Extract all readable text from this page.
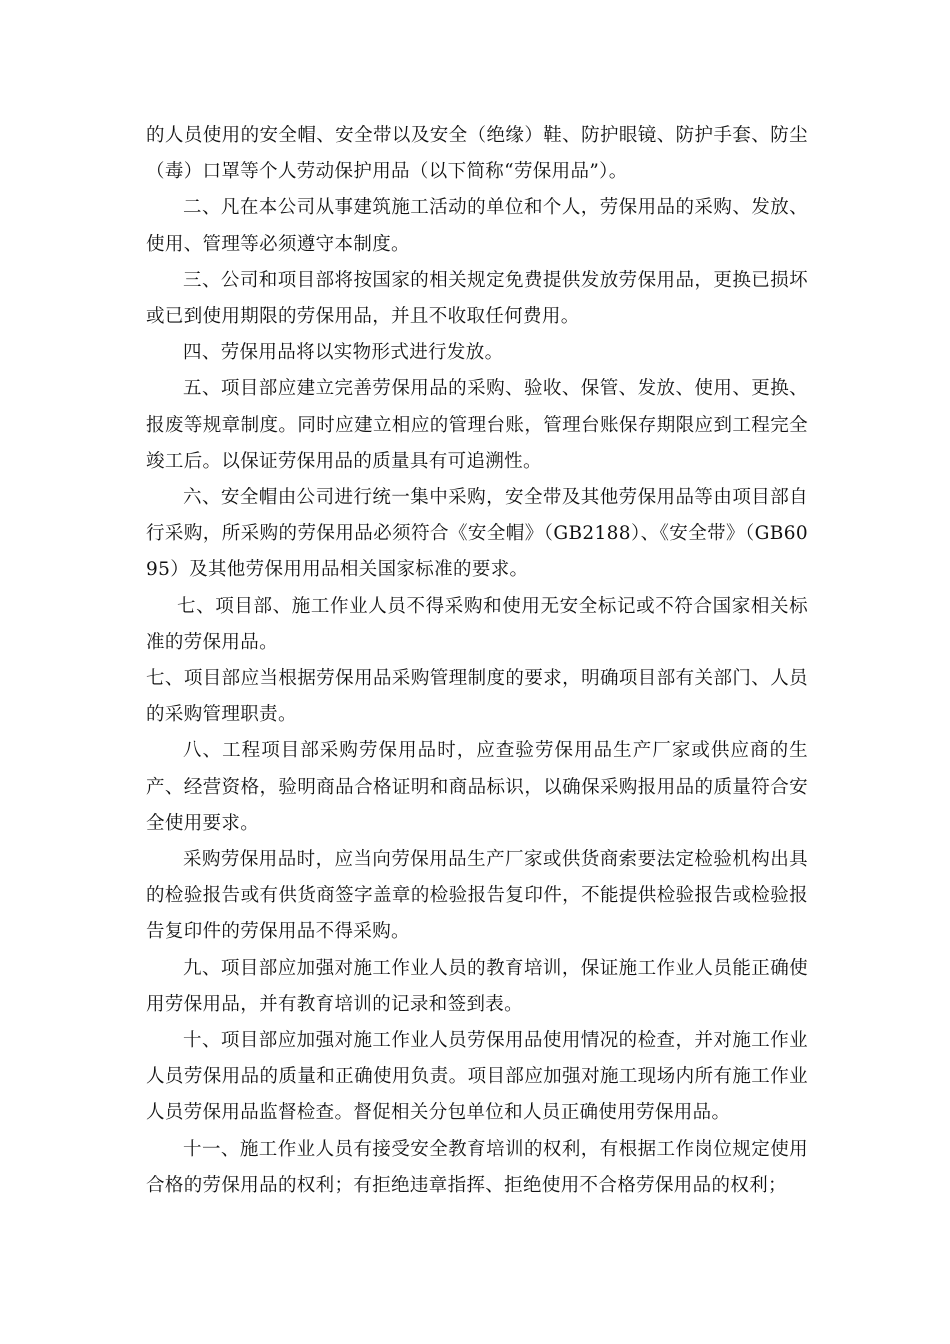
的人员使用的安全帽、安全带以及安全（绝缘）鞋、防护眼镜、防护手套、防尘（毒）口罩等个人劳动保护用品（以下简称“劳保用品”）。

二、凡在本公司从事建筑施工活动的单位和个人，劳保用品的采购、发放、使用、管理等必须遵守本制度。

三、公司和项目部将按国家的相关规定免费提供发放劳保用品，更换已损坏或已到使用期限的劳保用品，并且不收取任何费用。

四、劳保用品将以实物形式进行发放。

五、项目部应建立完善劳保用品的采购、验收、保管、发放、使用、更换、报废等规章制度。同时应建立相应的管理台账，管理台账保存期限应到工程完全竣工后。以保证劳保用品的质量具有可追溯性。

六、安全帽由公司进行统一集中采购，安全带及其他劳保用品等由项目部自行采购，所采购的劳保用品必须符合《安全帽》（GB2188）、《安全带》（GB6095）及其他劳保用用品相关国家标准的要求。

七、项目部、施工作业人员不得采购和使用无安全标记或不符合国家相关标准的劳保用品。

七、项目部应当根据劳保用品采购管理制度的要求，明确项目部有关部门、人员的采购管理职责。

八、工程项目部采购劳保用品时，应查验劳保用品生产厂家或供应商的生产、经营资格，验明商品合格证明和商品标识，以确保采购报用品的质量符合安全使用要求。

采购劳保用品时，应当向劳保用品生产厂家或供货商索要法定检验机构出具的检验报告或有供货商签字盖章的检验报告复印件，不能提供检验报告或检验报告复印件的劳保用品不得采购。

九、项目部应加强对施工作业人员的教育培训，保证施工作业人员能正确使用劳保用品，并有教育培训的记录和签到表。

十、项目部应加强对施工作业人员劳保用品使用情况的检查，并对施工作业人员劳保用品的质量和正确使用负责。项目部应加强对施工现场内所有施工作业人员劳保用品监督检查。督促相关分包单位和人员正确使用劳保用品。

十一、施工作业人员有接受安全教育培训的权利，有根据工作岗位规定使用合格的劳保用品的权利；有拒绝违章指挥、拒绝使用不合格劳保用品的权利；
